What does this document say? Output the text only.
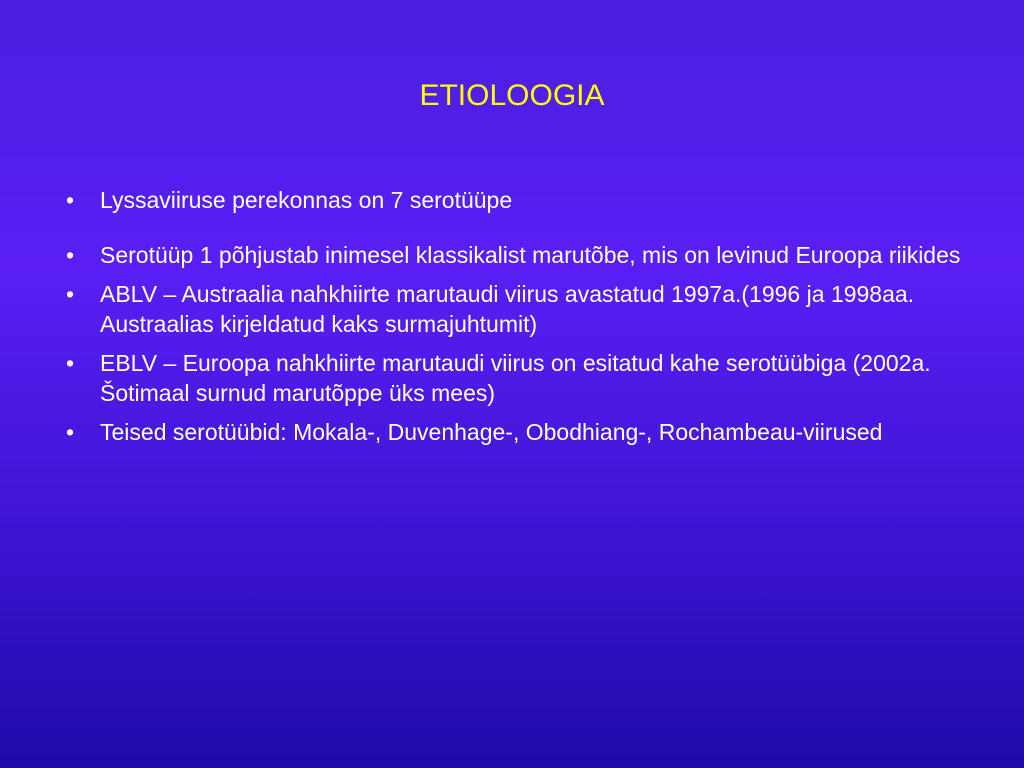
ETIOLOOGIA
• Lyssaviiruse perekonnas on 7 serotüüpe
• Serotüüp 1 põhjustab inimesel klassikalist marutõbe, mis on levinud Euroopa riikides
• ABLV – Austraalia nahkhiirte marutaudi viirus avastatud 1997a.(1996 ja 1998aa. Austraalias kirjeldatud kaks surmajuhtumit)
• EBLV – Euroopa nahkhiirte marutaudi viirus on esitatud kahe serotüübiga (2002a. Šotimaal surnud marutõppe üks mees)
• Teised serotüübid: Mokala-, Duvenhage-, Obodhiang-, Rochambeau-viirused
